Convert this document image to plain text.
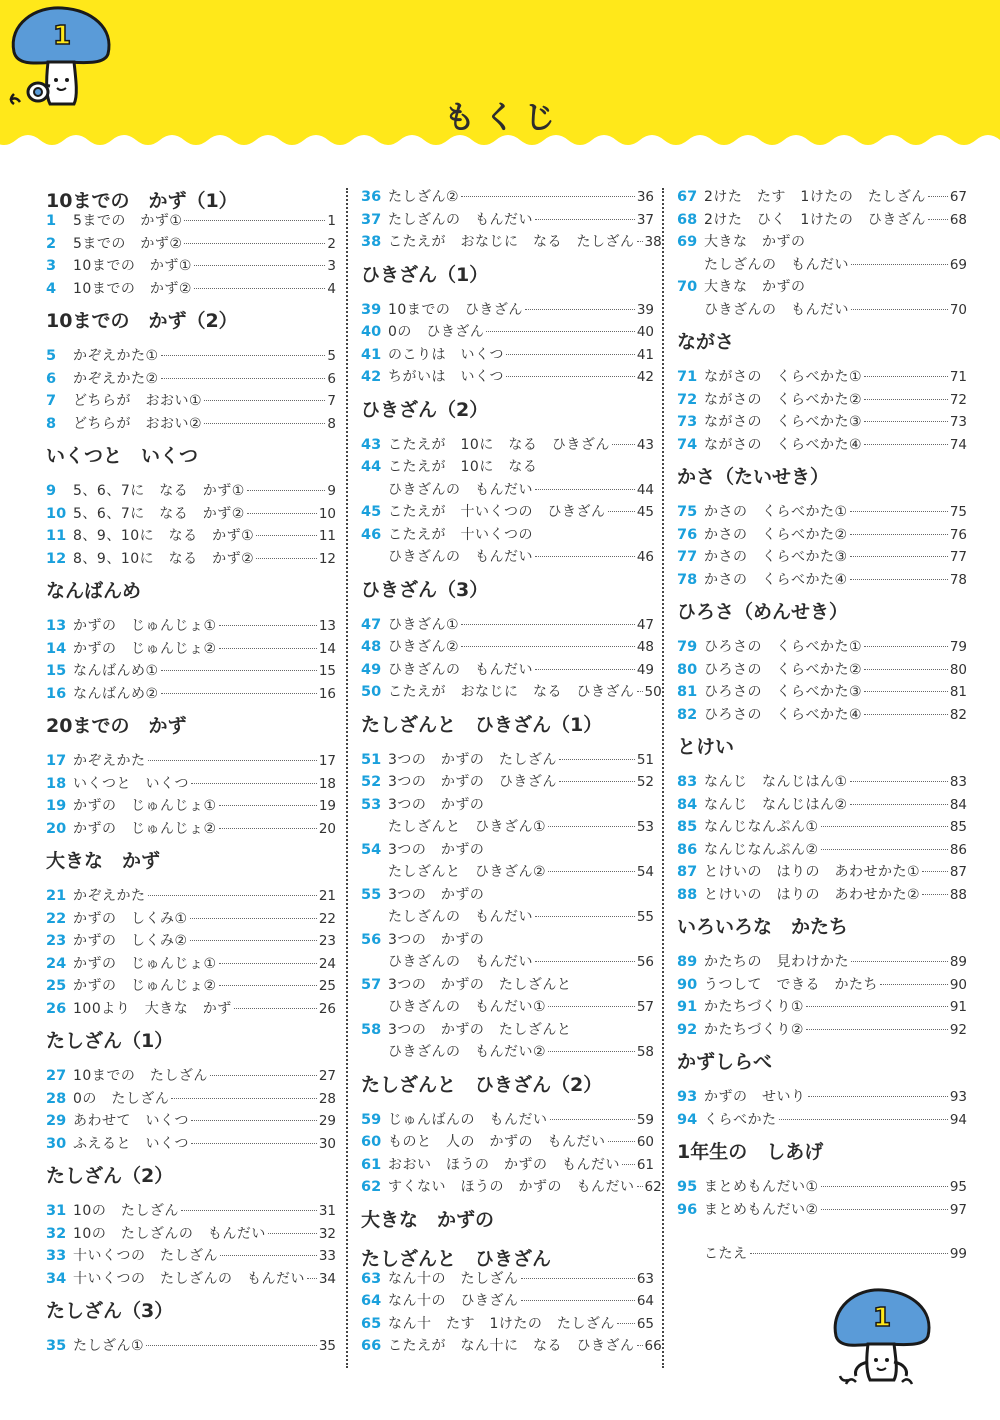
1
もくじ
10までの　かず（1）
1	5までの　かず①	1
2	5までの　かず②	2
3	10までの　かず①	3
4	10までの　かず②	4
10までの　かず（2）
5	かぞえかた①	5
6	かぞえかた②	6
7	どちらが　おおい①	7
8	どちらが　おおい②	8
いくつと　いくつ
9	5、6、7に　なる　かず①	9
10 5、6、7に　なる　かず②	10
11 8、9、10に　なる　かず①	11
12 8、9、10に　なる　かず②	12
なんばんめ
13 かずの　じゅんじょ①	13
14 かずの　じゅんじょ②	14
15 なんばんめ①	15
16 なんばんめ②	16
20までの　かず
17 かぞえかた	17
18 いくつと　いくつ	18
19 かずの　じゅんじょ①	19
20 かずの　じゅんじょ②	20
大きな　かず
21 かぞえかた	21
22 かずの　しくみ①	22
23 かずの　しくみ②	23
24 かずの　じゅんじょ①	24
25 かずの　じゅんじょ②	25
26 100より　大きな　かず	26
たしざん（1）
27 10までの　たしざん	27
28 0の　たしざん	28
29 あわせて　いくつ	29
30 ふえると　いくつ	30
たしざん（2）
31 10の　たしざん	31
32 10の　たしざんの　もんだい	32
33 十いくつの　たしざん	33
34 十いくつの　たしざんの　もんだい 34
たしざん（3）
35 たしざん①	35
36 たしざん②	36
37 たしざんの　もんだい	37
38 こたえが　おなじに　なる　たしざん 38
ひきざん（1）
39 10までの　ひきざん	39
40 0の　ひきざん	40
41 のこりは　いくつ	41
42 ちがいは　いくつ	42
ひきざん（2）
43 こたえが　10に　なる　ひきざん 43
44 こたえが　10に　なる
ひきざんの　もんだい	44
45 こたえが　十いくつの　ひきざん 45
46 こたえが　十いくつの
ひきざんの　もんだい	46
ひきざん（3）
47 ひきざん①	47
48 ひきざん②	48
49 ひきざんの　もんだい	49
50 こたえが　おなじに　なる　ひきざん 50
たしざんと　ひきざん（1）
51 3つの　かずの　たしざん	51
52 3つの　かずの　ひきざん	52
53 3つの　かずの
たしざんと　ひきざん①	53
54 3つの　かずの
たしざんと　ひきざん②	54
55 3つの　かずの
たしざんの　もんだい	55
56 3つの　かずの
ひきざんの　もんだい	56
57 3つの　かずの　たしざんと
ひきざんの　もんだい①	57
58 3つの　かずの　たしざんと
ひきざんの　もんだい②	58
たしざんと　ひきざん（2）
59 じゅんばんの　もんだい	59
60 ものと　人の　かずの　もんだい 60
61 おおい　ほうの　かずの　もんだい 61
62 すくない　ほうの　かずの　もんだい 62
大きな　かずの
たしざんと　ひきざん
63 なん十の　たしざん	63
64 なん十の　ひきざん	64
65 なん十　たす　1けたの　たしざん 65
66 こたえが　なん十に　なる　ひきざん 66
67 2けた　たす　1けたの　たしざん 67
68 2けた　ひく　1けたの　ひきざん 68
69 大きな　かずの
たしざんの　もんだい	69
70 大きな　かずの
ひきざんの　もんだい	70
ながさ
71 ながさの　くらべかた①	71
72 ながさの　くらべかた②	72
73 ながさの　くらべかた③	73
74 ながさの　くらべかた④	74
かさ（たいせき）
75 かさの　くらべかた①	75
76 かさの　くらべかた②	76
77 かさの　くらべかた③	77
78 かさの　くらべかた④	78
ひろさ（めんせき）
79 ひろさの　くらべかた①	79
80 ひろさの　くらべかた②	80
81 ひろさの　くらべかた③	81
82 ひろさの　くらべかた④	82
とけい
83 なんじ　なんじはん①	83
84 なんじ　なんじはん②	84
85 なんじなんぷん①	85
86 なんじなんぷん②	86
87 とけいの　はりの　あわせかた① 87
88 とけいの　はりの　あわせかた② 88
いろいろな　かたち
89 かたちの　見わけかた	89
90 うつして　できる　かたち	90
91 かたちづくり①	91
92 かたちづくり②	92
かずしらべ
93 かずの　せいり	93
94 くらべかた	94
1年生の　しあげ
95 まとめもんだい①	95
96 まとめもんだい②	97
こたえ	99
1
